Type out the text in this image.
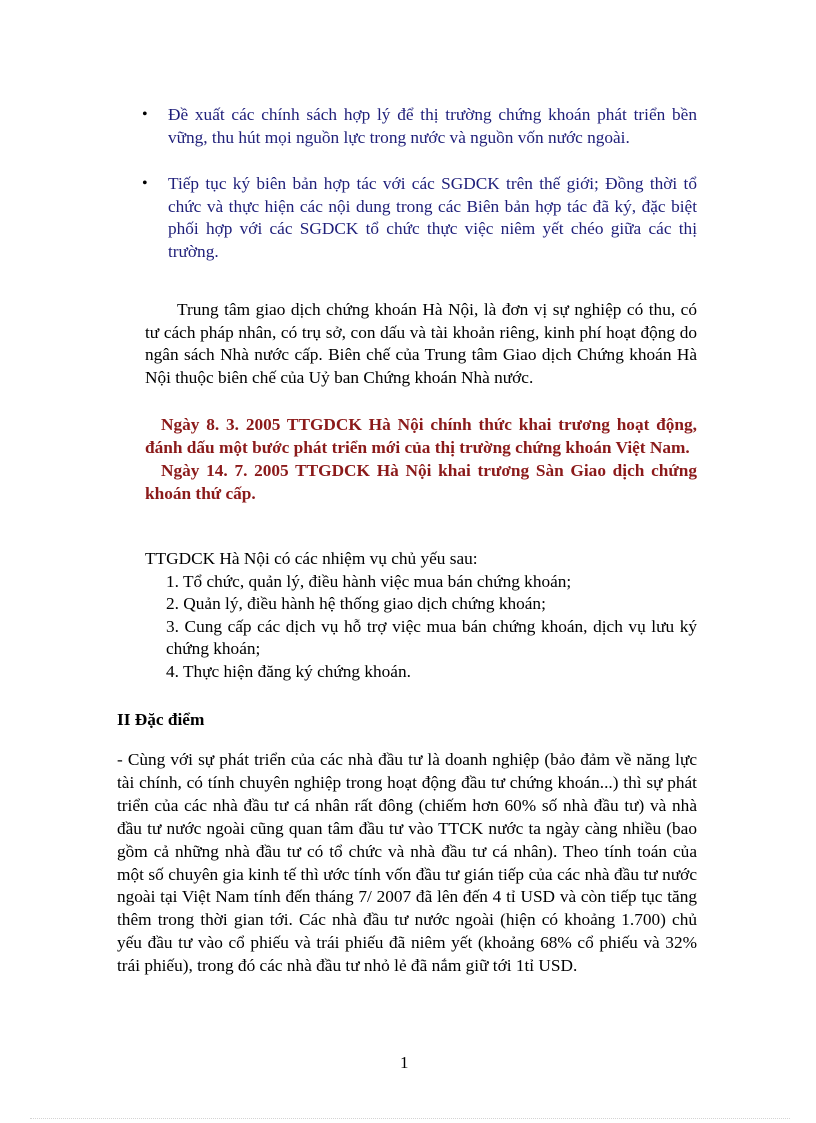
• Đề xuất các chính sách hợp lý để thị trường chứng khoán phát triển bền vững, thu hút mọi nguồn lực trong nước và nguồn vốn nước ngoài.
• Tiếp tục ký biên bản hợp tác với các SGDCK trên thế giới; Đồng thời tổ chức và thực hiện các nội dung trong các Biên bản hợp tác đã ký, đặc biệt phối hợp với các SGDCK tổ chức thực việc niêm yết chéo giữa các thị trường.
Trung tâm giao dịch chứng khoán Hà Nội, là đơn vị sự nghiệp có thu, có tư cách pháp nhân, có trụ sở, con dấu và tài khoản riêng, kinh phí hoạt động do ngân sách Nhà nước cấp. Biên chế của Trung tâm Giao dịch Chứng khoán Hà Nội thuộc biên chế của Uỷ ban Chứng khoán Nhà nước.

Ngày 8. 3. 2005 TTGDCK Hà Nội chính thức khai trương hoạt động, đánh dấu một bước phát triển mới của thị trường chứng khoán Việt Nam.

Ngày 14. 7. 2005 TTGDCK Hà Nội khai trương Sàn Giao dịch chứng khoán thứ cấp.

TTGDCK Hà Nội có các nhiệm vụ chủ yếu sau:

1. Tổ chức, quản lý, điều hành việc mua bán chứng khoán;
2. Quản lý, điều hành hệ thống giao dịch chứng khoán;
3. Cung cấp các dịch vụ hỗ trợ việc mua bán chứng khoán, dịch vụ lưu ký chứng khoán;
4. Thực hiện đăng ký chứng khoán.
II Đặc điểm
- Cùng với sự phát triển của các nhà đầu tư là doanh nghiệp (bảo đảm về năng lực tài chính, có tính chuyên nghiệp trong hoạt động đầu tư chứng khoán...) thì sự phát triển của các nhà đầu tư cá nhân rất đông (chiếm hơn 60% số nhà đầu tư) và nhà đầu tư nước ngoài cũng quan tâm đầu tư vào TTCK nước ta ngày càng nhiều (bao gồm cả những nhà đầu tư có tổ chức và nhà đầu tư cá nhân). Theo tính toán của một số chuyên gia kinh tế thì ước tính vốn đầu tư gián tiếp của các nhà đầu tư nước ngoài tại Việt Nam tính đến tháng 7/ 2007 đã lên đến 4 tỉ USD và còn tiếp tục tăng thêm trong thời gian tới. Các nhà đầu tư nước ngoài (hiện có khoảng 1.700) chủ yếu đầu tư vào cổ phiếu và trái phiếu đã niêm yết (khoảng 68% cổ phiếu và 32% trái phiếu), trong đó các nhà đầu tư nhỏ lẻ đã nắm giữ tới 1tỉ USD.
1
